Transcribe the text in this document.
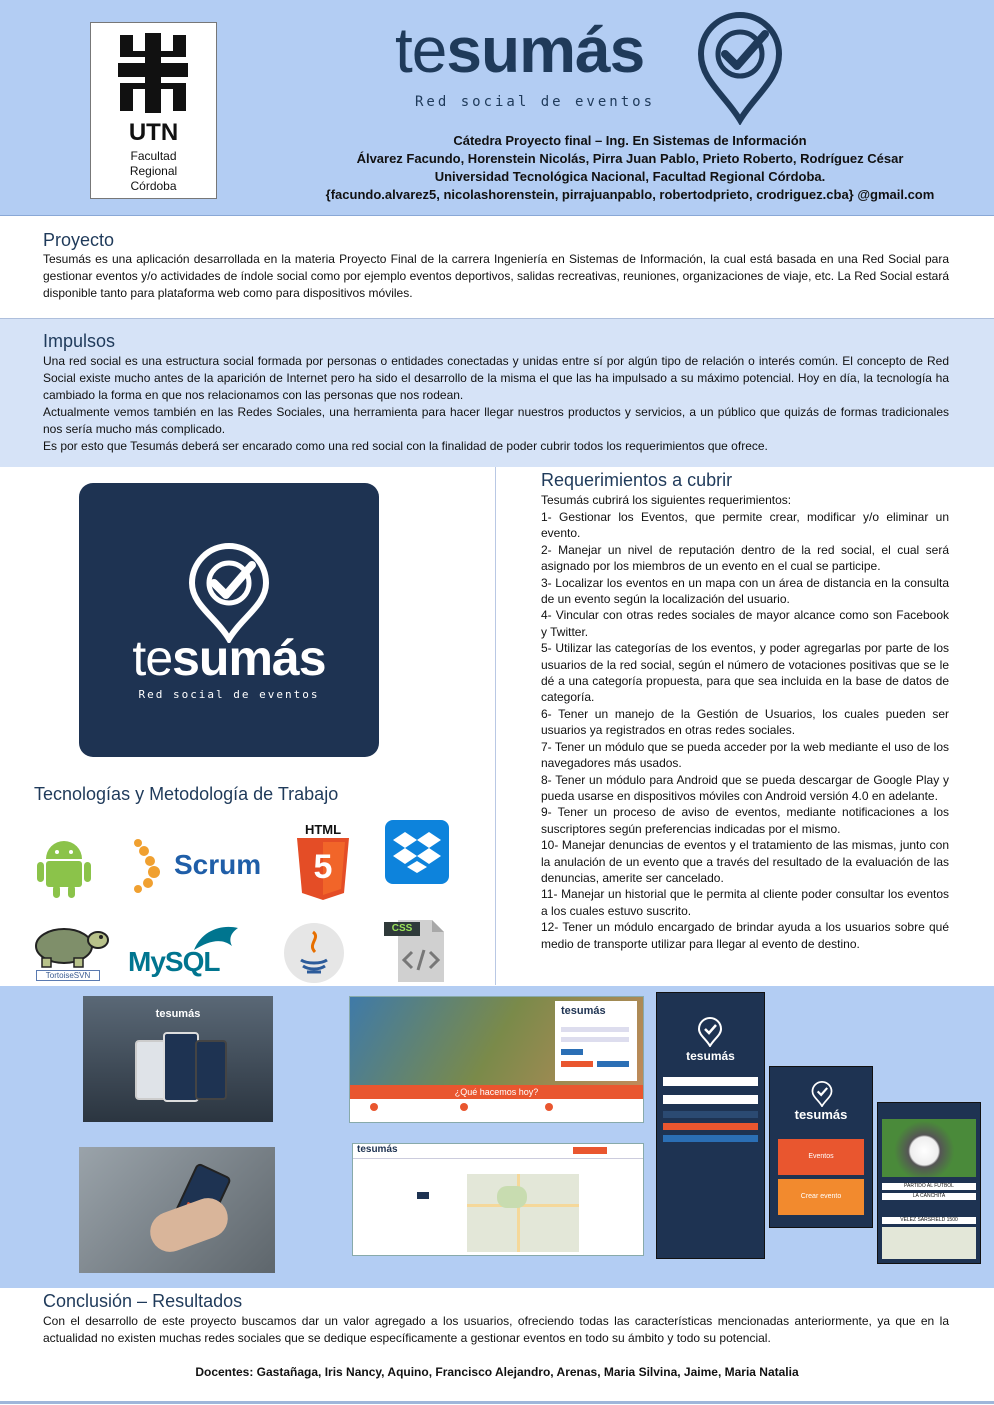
UTN
Facultad
Regional
Córdoba
tesumás
Red social de eventos
Cátedra Proyecto final – Ing. En Sistemas de Información
Álvarez Facundo, Horenstein Nicolás, Pirra Juan Pablo, Prieto Roberto, Rodríguez César
Universidad Tecnológica Nacional, Facultad Regional Córdoba.
{facundo.alvarez5, nicolashorenstein, pirrajuanpablo, robertodprieto, crodriguez.cba} @gmail.com
Proyecto
Tesumás es una aplicación desarrollada en la materia Proyecto Final de la carrera Ingeniería en Sistemas de Información, la cual está basada en una Red Social para gestionar eventos y/o actividades de índole social como por ejemplo eventos deportivos, salidas recreativas, reuniones, organizaciones de viaje, etc. La Red Social estará disponible tanto para plataforma web como para dispositivos móviles.
Impulsos
Una red social es una estructura social formada por personas o entidades conectadas y unidas entre sí por algún tipo de relación o interés común. El concepto de Red Social existe mucho antes de la aparición de Internet pero ha sido el desarrollo de la misma el que las ha impulsado a su máximo potencial. Hoy en día, la tecnología ha cambiado la forma en que nos relacionamos con las personas que nos rodean.
Actualmente vemos también en las Redes Sociales, una herramienta para hacer llegar nuestros productos y servicios, a un público que quizás de formas tradicionales nos sería mucho más complicado.
Es por esto que Tesumás deberá ser encarado como una red social con la finalidad de poder cubrir todos los requerimientos que ofrece.
tesumás
Red social de eventos
Tecnologías y Metodología de Trabajo
Scrum
HTML
5
TortoiseSVN	MySQL
CSS
Requerimientos a cubrir
Tesumás cubrirá los siguientes requerimientos:
1- Gestionar los Eventos, que permite crear, modificar y/o eliminar un evento.
2- Manejar un nivel de reputación dentro de la red social, el cual será asignado por los miembros de un evento en el cual se participe.
3- Localizar los eventos en un mapa con un área de distancia en la consulta de un evento según la localización del usuario.
4- Vincular con otras redes sociales de mayor alcance como son Facebook y Twitter.
5- Utilizar las categorías de los eventos, y poder agregarlas por parte de los usuarios de la red social, según el número de votaciones positivas que se le dé a una categoría propuesta, para que sea incluida en la base de datos de categoría.
6- Tener un manejo de la Gestión de Usuarios, los cuales pueden ser usuarios ya registrados en otras redes sociales.
7- Tener un módulo que se pueda acceder por la web mediante el uso de los navegadores más usados.
8- Tener un módulo para Android que se pueda descargar de Google Play y pueda usarse en dispositivos móviles con Android versión 4.0 en adelante.
9- Tener un proceso de aviso de eventos, mediante notificaciones a los suscriptores según preferencias indicadas por el mismo.
10- Manejar denuncias de eventos y el tratamiento de las mismas, junto con la anulación de un evento que a través del resultado de la evaluación de las denuncias, amerite ser cancelado.
11- Manejar un historial que le permita al cliente poder consultar los eventos a los cuales estuvo suscrito.
12- Tener un módulo encargado de brindar ayuda a los usuarios sobre qué medio de transporte utilizar para llegar al evento de destino.
tesumás	tesumás
¿Qué hacemos hoy?
tesumás
tesumás
tesumás
Eventos
Crear evento
PARTIDO AL FUTBOL
LA CANCHITA
VELEZ SARSFIELD 1500
Conclusión – Resultados
Con el desarrollo de este proyecto buscamos dar un valor agregado a los usuarios, ofreciendo todas las características mencionadas anteriormente, ya que en la actualidad no existen muchas redes sociales que se dedique específicamente a gestionar eventos en todo su ámbito y todo su potencial.
Docentes: Gastañaga, Iris Nancy, Aquino, Francisco Alejandro, Arenas, Maria Silvina, Jaime, Maria Natalia
